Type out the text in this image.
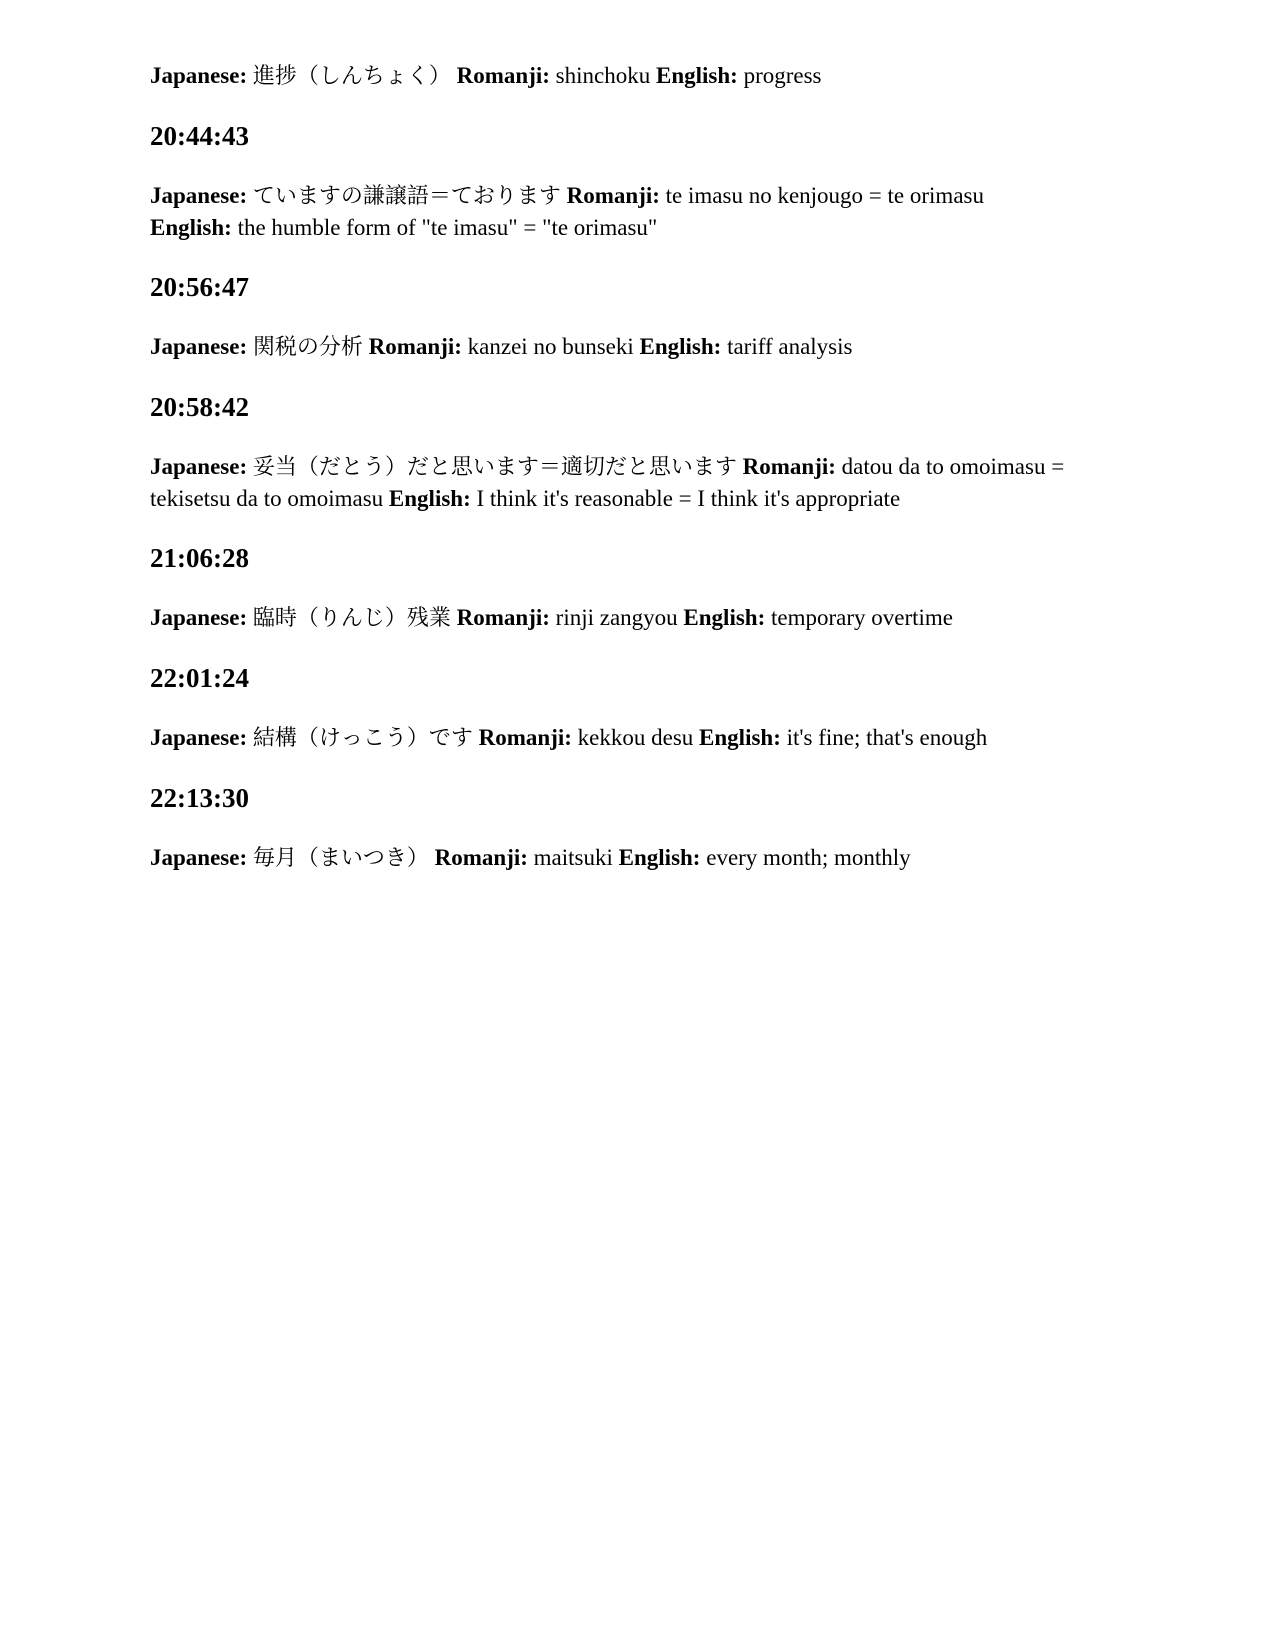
Japanese: 進捗（しんちょく） Romanji: shinchoku English: progress

20:44:43

Japanese: ていますの謙譲語＝ております Romanji: te imasu no kenjougo = te orimasu
English: the humble form of "te imasu" = "te orimasu"

20:56:47

Japanese: 関税の分析 Romanji: kanzei no bunseki English: tariff analysis

20:58:42

Japanese: 妥当（だとう）だと思います＝適切だと思います Romanji: datou da to omoimasu = tekisetsu da to omoimasu English: I think it's reasonable = I think it's appropriate

21:06:28

Japanese: 臨時（りんじ）残業 Romanji: rinji zangyou English: temporary overtime

22:01:24

Japanese: 結構（けっこう）です Romanji: kekkou desu English: it's fine; that's enough

22:13:30

Japanese: 毎月（まいつき） Romanji: maitsuki English: every month; monthly
